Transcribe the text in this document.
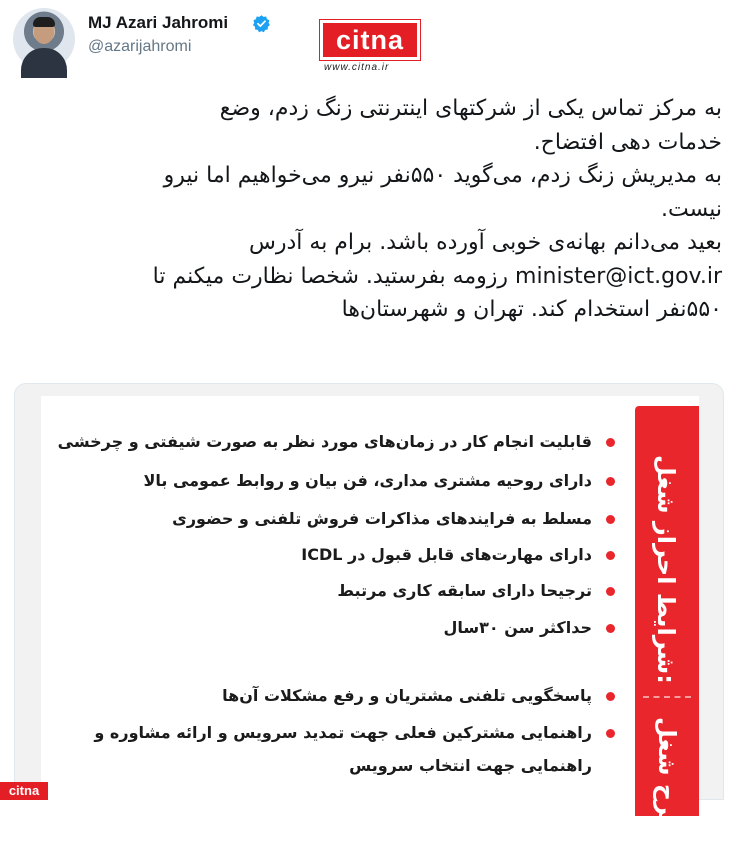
MJ Azari Jahromi
@azarijahromi	citna
www.citna.ir
به مرکز تماس یکی از شرکتهای اینترنتی زنگ زدم، وضع
خدمات دهی افتضاح.
به مدیریش زنگ زدم، می‌گوید ۵۵۰نفر نیرو می‌خواهیم اما نیرو
نیست.
بعید می‌دانم بهانه‌ی خوبی آورده باشد. برام به آدرس
minister@ict.gov.ir رزومه بفرستید. شخصا نظارت میکنم تا
۵۵۰نفر استخدام کند. تهران و شهرستان‌ها
شرایط احراز شغل:
شرح شغل:
قابلیت انجام کار در زمان‌های مورد نظر به صورت شیفتی و چرخشی
دارای روحیه مشتری مداری، فن بیان و روابط عمومی بالا
مسلط به فرایندهای مذاکرات فروش تلفنی و حضوری
دارای مهارت‌های قابل قبول در ICDL
ترجیحا دارای سابقه کاری مرتبط
حداکثر سن ۳۰سال
پاسخگویی تلفنی مشتریان و رفع مشکلات آن‌ها
راهنمایی مشترکین فعلی جهت تمدید سرویس و ارائه مشاوره و
راهنمایی جهت انتخاب سرویس
citna
